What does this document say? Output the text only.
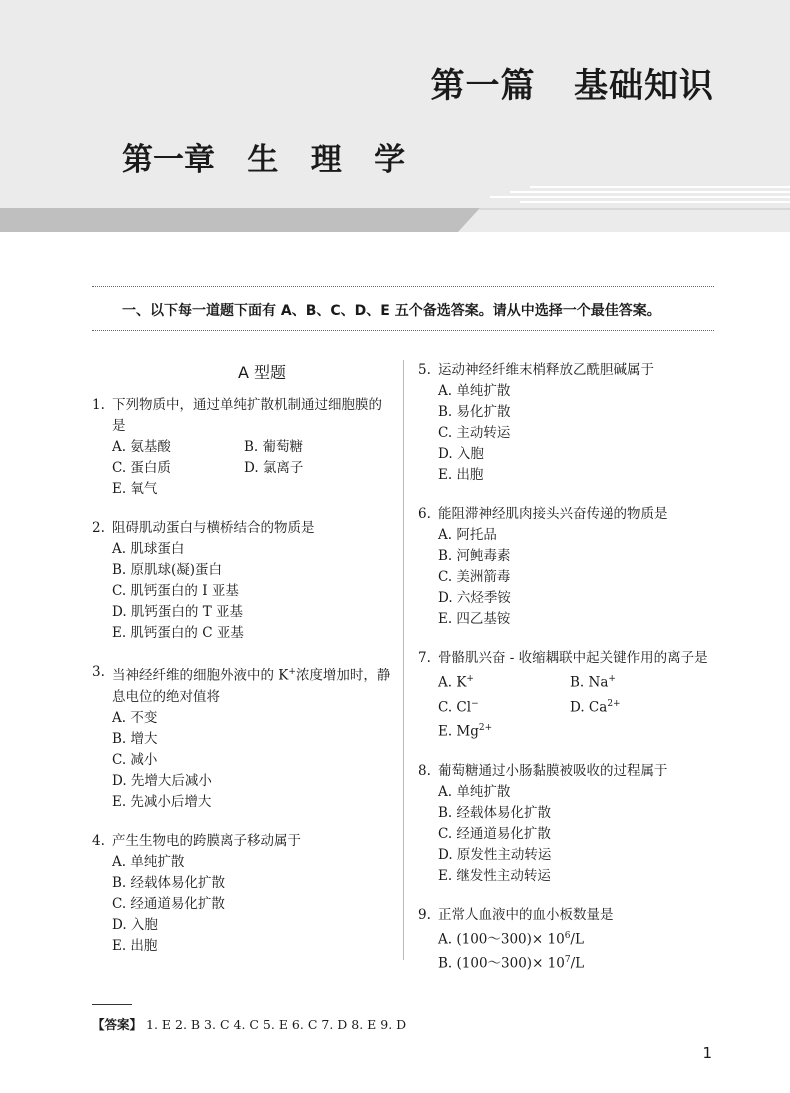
第一篇   基础知识
第一章   生   理   学
一、以下每一道题下面有 A、B、C、D、E 五个备选答案。请从中选择一个最佳答案。
A 型题
1. 下列物质中，通过单纯扩散机制通过细胞膜的是
A. 氨基酸	B. 葡萄糖
C. 蛋白质	D. 氯离子
E. 氧气
2. 阻碍肌动蛋白与横桥结合的物质是
A. 肌球蛋白
B. 原肌球(凝)蛋白
C. 肌钙蛋白的 I 亚基
D. 肌钙蛋白的 T 亚基
E. 肌钙蛋白的 C 亚基
3. 当神经纤维的细胞外液中的 K+浓度增加时，静息电位的绝对值将
A. 不变
B. 增大
C. 减小
D. 先增大后减小
E. 先减小后增大
4. 产生生物电的跨膜离子移动属于
A. 单纯扩散
B. 经载体易化扩散
C. 经通道易化扩散
D. 入胞
E. 出胞
5. 运动神经纤维末梢释放乙酰胆碱属于
A. 单纯扩散
B. 易化扩散
C. 主动转运
D. 入胞
E. 出胞
6. 能阻滞神经肌肉接头兴奋传递的物质是
A. 阿托品
B. 河鲀毒素
C. 美洲箭毒
D. 六烃季铵
E. 四乙基铵
7. 骨骼肌兴奋 - 收缩耦联中起关键作用的离子是
A. K+	B. Na+
C. Cl−	D. $Ca^{2+}$
E. $Mg^{2+}$
8. 葡萄糖通过小肠黏膜被吸收的过程属于
A. 单纯扩散
B. 经载体易化扩散
C. 经通道易化扩散
D. 原发性主动转运
E. 继发性主动转运
9. 正常人血液中的血小板数量是
A. (100～300)× $10^6/L$
B. (100～300)× $10^7/L$
【答案】 1. E 2. B 3. C 4. C 5. E 6. C 7. D 8. E 9. D
1
